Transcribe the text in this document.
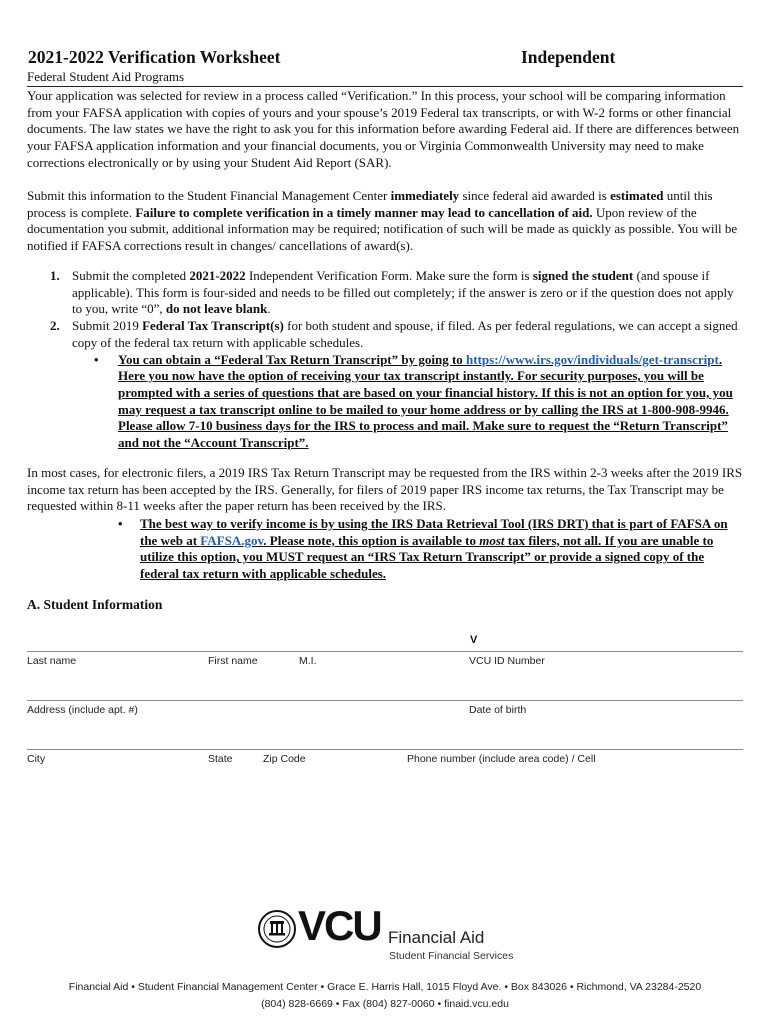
2021-2022 Verification Worksheet	Independent
Federal Student Aid Programs
Your application was selected for review in a process called “Verification.” In this process, your school will be comparing information from your FAFSA application with copies of yours and your spouse’s 2019 Federal tax transcripts, or with W-2 forms or other financial documents. The law states we have the right to ask you for this information before awarding Federal aid. If there are differences between your FAFSA application information and your financial documents, you or Virginia Commonwealth University may need to make corrections electronically or by using your Student Aid Report (SAR).
Submit this information to the Student Financial Management Center immediately since federal aid awarded is estimated until this process is complete. Failure to complete verification in a timely manner may lead to cancellation of aid. Upon review of the documentation you submit, additional information may be required; notification of such will be made as quickly as possible. You will be notified if FAFSA corrections result in changes/ cancellations of award(s).
1. Submit the completed 2021-2022 Independent Verification Form. Make sure the form is signed the student (and spouse if applicable). This form is four-sided and needs to be filled out completely; if the answer is zero or if the question does not apply to you, write “0”, do not leave blank.
2. Submit 2019 Federal Tax Transcript(s) for both student and spouse, if filed. As per federal regulations, we can accept a signed copy of the federal tax return with applicable schedules.
• You can obtain a “Federal Tax Return Transcript” by going to https://www.irs.gov/individuals/get-transcript. Here you now have the option of receiving your tax transcript instantly. For security purposes, you will be prompted with a series of questions that are based on your financial history. If this is not an option for you, you may request a tax transcript online to be mailed to your home address or by calling the IRS at 1-800-908-9946. Please allow 7-10 business days for the IRS to process and mail. Make sure to request the “Return Transcript” and not the “Account Transcript”.
In most cases, for electronic filers, a 2019 IRS Tax Return Transcript may be requested from the IRS within 2-3 weeks after the 2019 IRS income tax return has been accepted by the IRS. Generally, for filers of 2019 paper IRS income tax returns, the Tax Transcript may be requested within 8-11 weeks after the paper return has been received by the IRS.
• The best way to verify income is by using the IRS Data Retrieval Tool (IRS DRT) that is part of FAFSA on the web at FAFSA.gov. Please note, this option is available to most tax filers, not all. If you are unable to utilize this option, you MUST request an “IRS Tax Return Transcript” or provide a signed copy of the federal tax return with applicable schedules.
A. Student Information
V
Last name	First name	M.I.	VCU ID Number
Address (include apt. #)	Date of birth
City	State	Zip Code	Phone number (include area code) / Cell
VCU Financial Aid
Student Financial Services
Financial Aid • Student Financial Management Center • Grace E. Harris Hall, 1015 Floyd Ave. • Box 843026 • Richmond, VA 23284-2520
(804) 828-6669 • Fax (804) 827-0060 • finaid.vcu.edu
